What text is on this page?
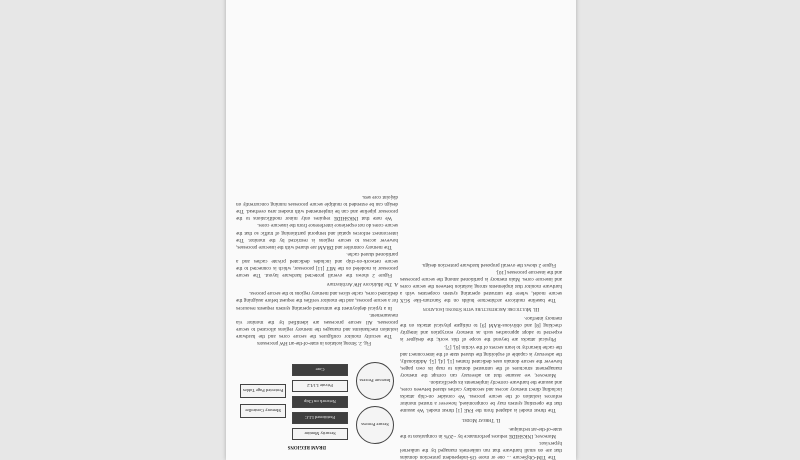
The TIM-ObjSecure ... one or more OS-independent protection domains that are on small hardware that run unikernels managed by the unikernel hypervisor.

Moreover, INKSHIDE reduces performance by ~20% in comparison to the state-of-the-art technique.

II. Threat Model

The threat model is adapted from the FAE [1] threat model. We assume that the operating system may be compromised, however a trusted monitor enforces isolation of the secure process. We consider on-chip attacks including direct memory access and secondary caches shared between cores, and assume the hardware correctly implements its specification.

Moreover, we assume that an adversary can corrupt the memory management structures of the untrusted domain to map its own pages, however the secure domain uses dedicated frames [1], [4], [5]. Additionally, the adversary is capable of exploiting the shared state of the interconnect and the cache hierarchy to learn secrets of the victim [6], [7].

Physical attacks are beyond the scope of this work; the designer is expected to adopt approaches such as memory encryption and integrity checking [8] and oblivious-RAM [9] to mitigate physical attacks on the memory interface.

III. Multicore Architecture with Strong Isolation

The baseline multicore architecture builds on the Sanctum-like SGX secure model, where the untrusted operating system cooperates with a hardware monitor that implements strong isolation between the secure cores and insecure cores. Main memory is partitioned among the secure processes and the insecure processes [10].

Figure 2 shows the overall proposed hardware protection design.

DRAM REGIONS
Secure Process
Insecure Process
Security Monitor
Partitioned LLC
Network on Chip
Private L1/L2
Core
Memory Controller
Protected Page Tables

Fig. 2. Strong isolation in state-of-the-art HW processors

The security monitor configures the secure cores and the hardware isolation mechanisms and manages the memory regions allocated to secure processes. All secure processes are identified by the monitor via measurement.

In a typical deployment the untrusted operating system requests resources for a secure process, and the monitor verifies the request before assigning the dedicated cores, cache slices and memory regions to the secure process.

A. The Multicore HW Architecture

Figure 2 shows the overall protected hardware layout. The secure processor is modeled on the MIT [11] processor, which is connected to the secure network-on-chip and includes dedicated private caches and a partitioned shared cache.

The memory controller and DRAM are shared with the insecure processes, however access to secure regions is restricted by the monitor. The interconnect enforces spatial and temporal partitioning of traffic so that the secure cores do not experience interference from the insecure cores.

We note that INKSHIDE requires only minor modifications to the processor pipeline and can be implemented with modest area overhead. The design can be extended to multiple secure processes running concurrently on disjoint core sets.
